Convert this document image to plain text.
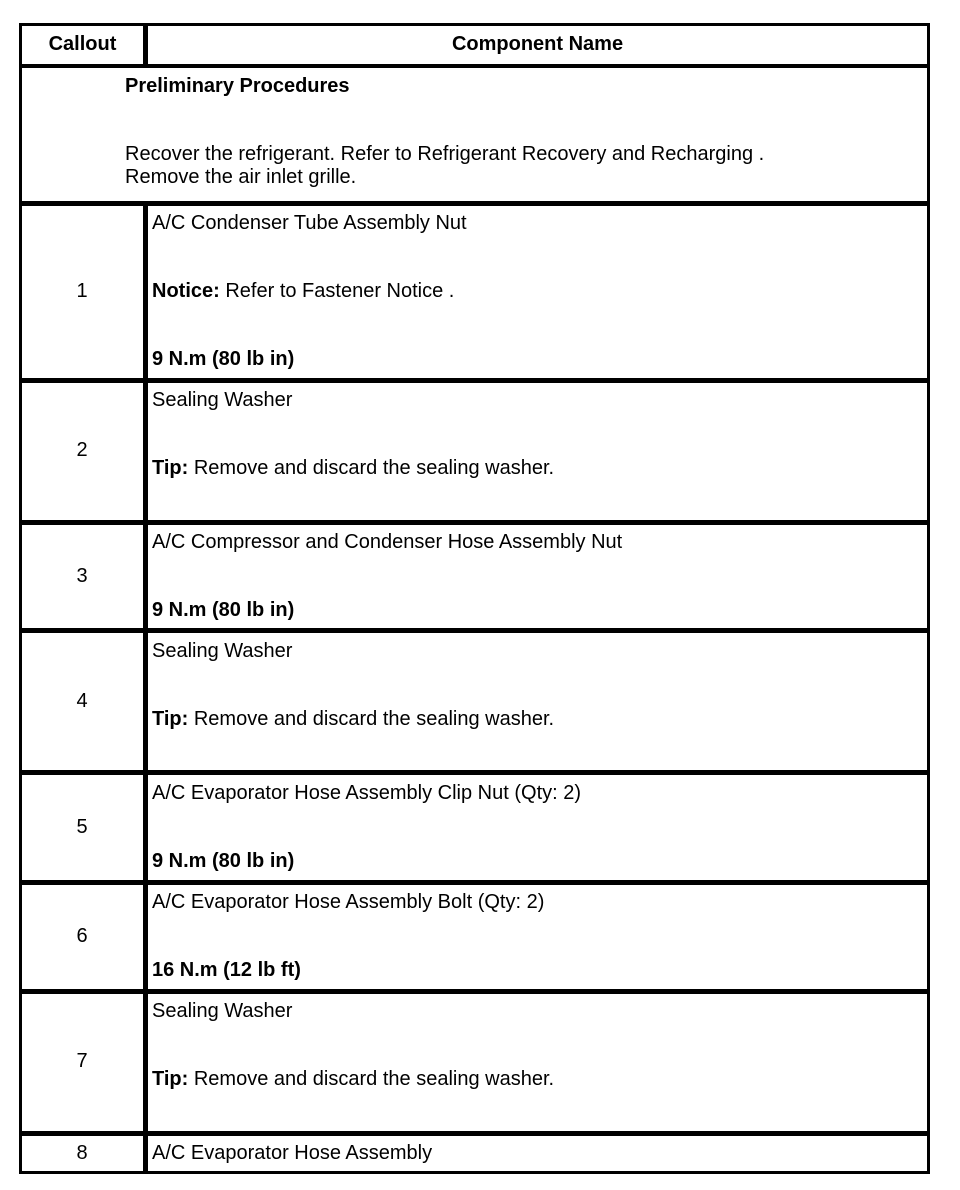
Callout	Component Name
Preliminary Procedures
Recover the refrigerant. Refer to Refrigerant Recovery and Recharging .
Remove the air inlet grille.
1
A/C Condenser Tube Assembly Nut
Notice: Refer to Fastener Notice .
9 N.m (80 lb in)
2
Sealing Washer
Tip: Remove and discard the sealing washer.
3
A/C Compressor and Condenser Hose Assembly Nut
9 N.m (80 lb in)
4
Sealing Washer
Tip: Remove and discard the sealing washer.
5
A/C Evaporator Hose Assembly Clip Nut (Qty: 2)
9 N.m (80 lb in)
6
A/C Evaporator Hose Assembly Bolt (Qty: 2)
16 N.m (12 lb ft)
7
Sealing Washer
Tip: Remove and discard the sealing washer.
8	A/C Evaporator Hose Assembly
